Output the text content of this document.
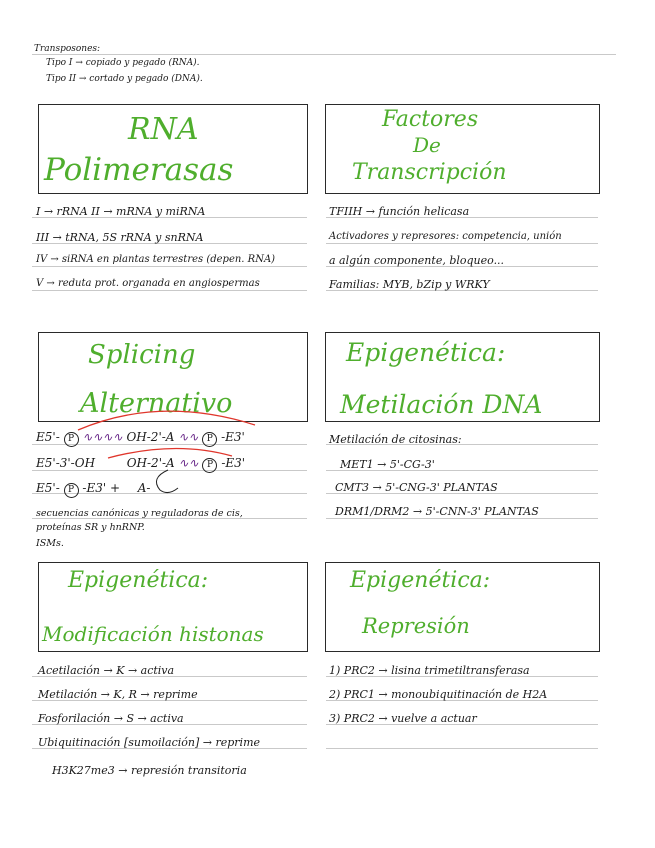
Transposones:
Tipo I → copiado y pegado (RNA).
Tipo II → cortado y pegado (DNA).
RNA
Polimerasas
I → rRNA II → mRNA y miRNA
III → tRNA, 5S rRNA y snRNA
IV → siRNA en plantas terrestres (depen. RNA)
V → reduta prot. organada en angiospermas
Factores
De
Transcripción
TFIIH → función helicasa
Activadores y represores: competencia, unión
a algún componente, bloqueo...
Familias: MYB, bZip y WRKY
Splicing
Alternativo
E5'- P ∿∿∿∿ OH-2'-A ∿∿ P -E3'
E5'-3'-OH	OH-2'-A ∿∿ P -E3'
E5'- P -E3' + A-
secuencias canónicas y reguladoras de cis,
proteínas SR y hnRNP.
ISMs.
Epigenética:
Metilación DNA
Metilación de citosinas:
MET1 → 5'-CG-3'
CMT3 → 5'-CNG-3' PLANTAS
DRM1/DRM2 → 5'-CNN-3' PLANTAS
Epigenética:
Modificación histonas
Acetilación → K → activa
Metilación → K, R → reprime
Fosforilación → S → activa
Ubiquitinación [sumoilación] → reprime
H3K27me3 → represión transitoria
Epigenética:
Represión
1) PRC2 → lisina trimetiltransferasa
2) PRC1 → monoubiquitinación de H2A
3) PRC2 → vuelve a actuar
